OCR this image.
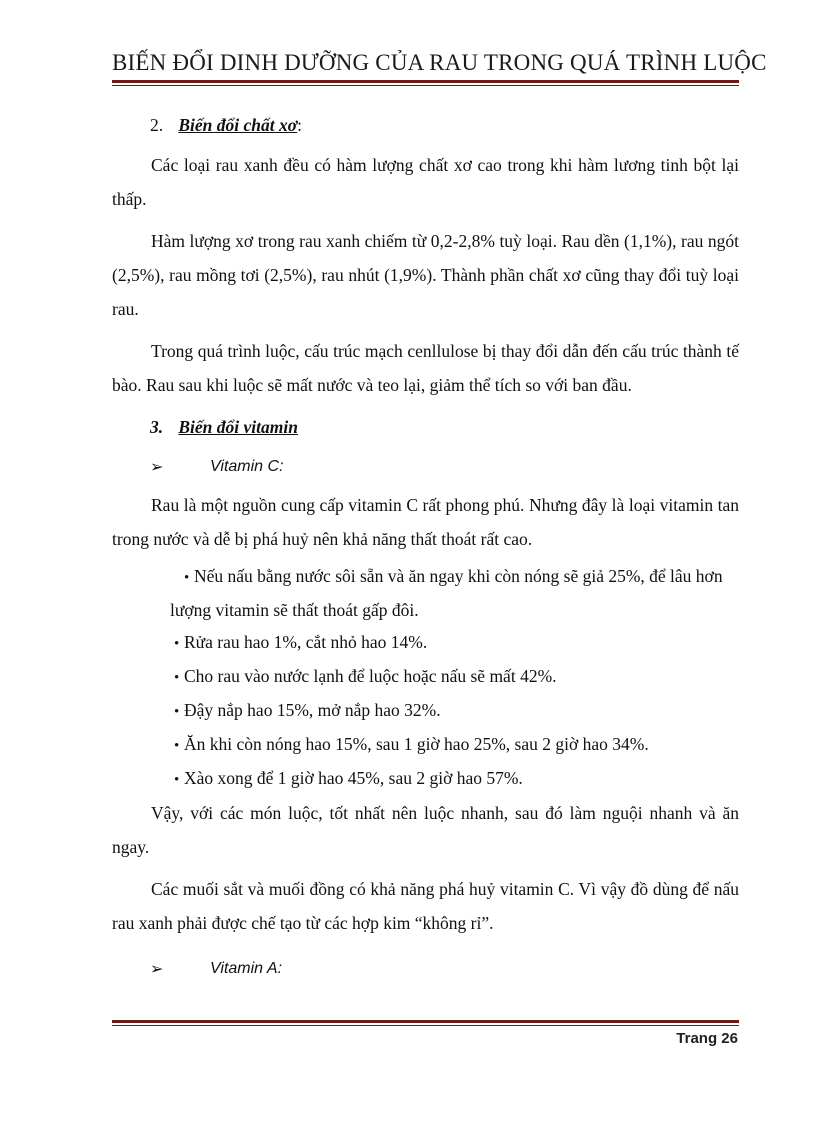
BIẾN ĐỔI DINH DƯỠNG CỦA RAU TRONG QUÁ TRÌNH LUỘC
2. Biến đổi chất xơ:

Các loại rau xanh đều có hàm lượng chất xơ cao trong khi hàm lương tinh bột lại thấp.

Hàm lượng xơ trong rau xanh chiếm từ 0,2-2,8% tuỳ loại. Rau dền (1,1%), rau ngót (2,5%), rau mồng tơi (2,5%), rau nhút (1,9%). Thành phần chất xơ cũng thay đổi tuỳ loại rau.

Trong quá trình luộc, cấu trúc mạch cenllulose bị thay đổi dẫn đến cấu trúc thành tế bào. Rau sau khi luộc sẽ mất nước và teo lại, giảm thể tích so với ban đầu.

3. Biến đổi vitamin
➢	Vitamin C:

Rau là một nguồn cung cấp vitamin C rất phong phú. Nhưng đây là loại vitamin tan trong nước và dễ bị phá huỷ nên khả năng thất thoát rất cao.

• Nếu nấu bằng nước sôi sẵn và ăn ngay khi còn nóng sẽ giả 25%, để lâu hơn lượng vitamin sẽ thất thoát gấp đôi.
• Rửa rau hao 1%, cắt nhỏ hao 14%.
• Cho rau vào nước lạnh để luộc hoặc nấu sẽ mất 42%.
• Đậy nắp hao 15%, mở nắp hao 32%.
• Ăn khi còn nóng hao 15%, sau 1 giờ hao 25%, sau 2 giờ hao 34%.
• Xào xong để 1 giờ hao 45%, sau 2 giờ hao 57%.

Vậy, với các món luộc, tốt nhất nên luộc nhanh, sau đó làm nguội nhanh và ăn ngay.

Các muối sắt và muối đồng có khả năng phá huỷ vitamin C. Vì vậy đồ dùng để nấu rau xanh phải được chế tạo từ các hợp kim “không rỉ”.

➢	Vitamin A:
Trang 26
